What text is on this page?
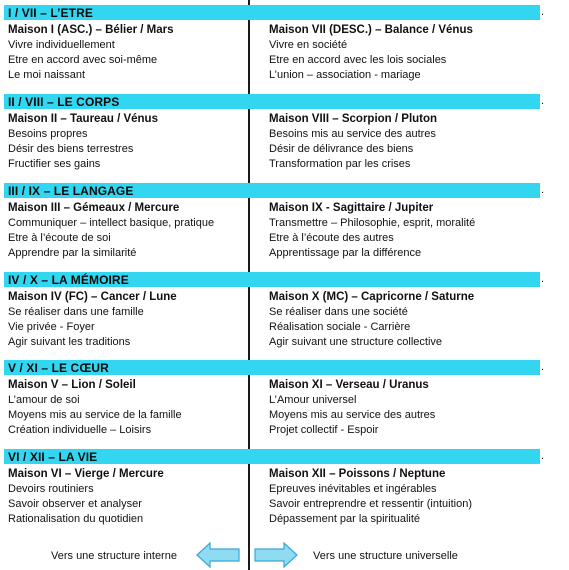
I / VII – L’ETRE	.
Maison I (ASC.) – Bélier / Mars
Vivre individuellement
Etre en accord avec soi-même
Le moi naissant
Maison VII (DESC.) – Balance / Vénus
Vivre en société
Etre en accord avec les lois sociales
L’union – association - mariage
II / VIII – LE CORPS	.
Maison II – Taureau / Vénus
Besoins propres
Désir des biens terrestres
Fructifier ses gains
Maison VIII – Scorpion / Pluton
Besoins mis au service des autres
Désir de délivrance des biens
Transformation par les crises
III / IX – LE LANGAGE	.
Maison III – Gémeaux / Mercure
Communiquer – intellect basique, pratique
Etre à l’écoute de soi
Apprendre par la similarité
Maison IX - Sagittaire / Jupiter
Transmettre – Philosophie, esprit, moralité
Etre à l’écoute des autres
Apprentissage par la différence
IV / X – LA MÉMOIRE	.
Maison IV (FC) – Cancer / Lune
Se réaliser dans une famille
Vie privée - Foyer
Agir suivant les traditions
Maison X (MC) – Capricorne / Saturne
Se réaliser dans une société
Réalisation sociale - Carrière
Agir suivant une structure collective
V / XI – LE CŒUR	.
Maison V – Lion / Soleil
L’amour de soi
Moyens mis au service de la famille
Création individuelle – Loisirs
Maison XI – Verseau / Uranus
L’Amour universel
Moyens mis au service des autres
Projet collectif - Espoir
VI / XII – LA VIE	.
Maison VI – Vierge / Mercure
Devoirs routiniers
Savoir observer et analyser
Rationalisation du quotidien
Maison XII – Poissons / Neptune
Epreuves inévitables et ingérables
Savoir entreprendre et ressentir (intuition)
Dépassement par la spiritualité
Vers une structure interne	Vers une structure universelle
